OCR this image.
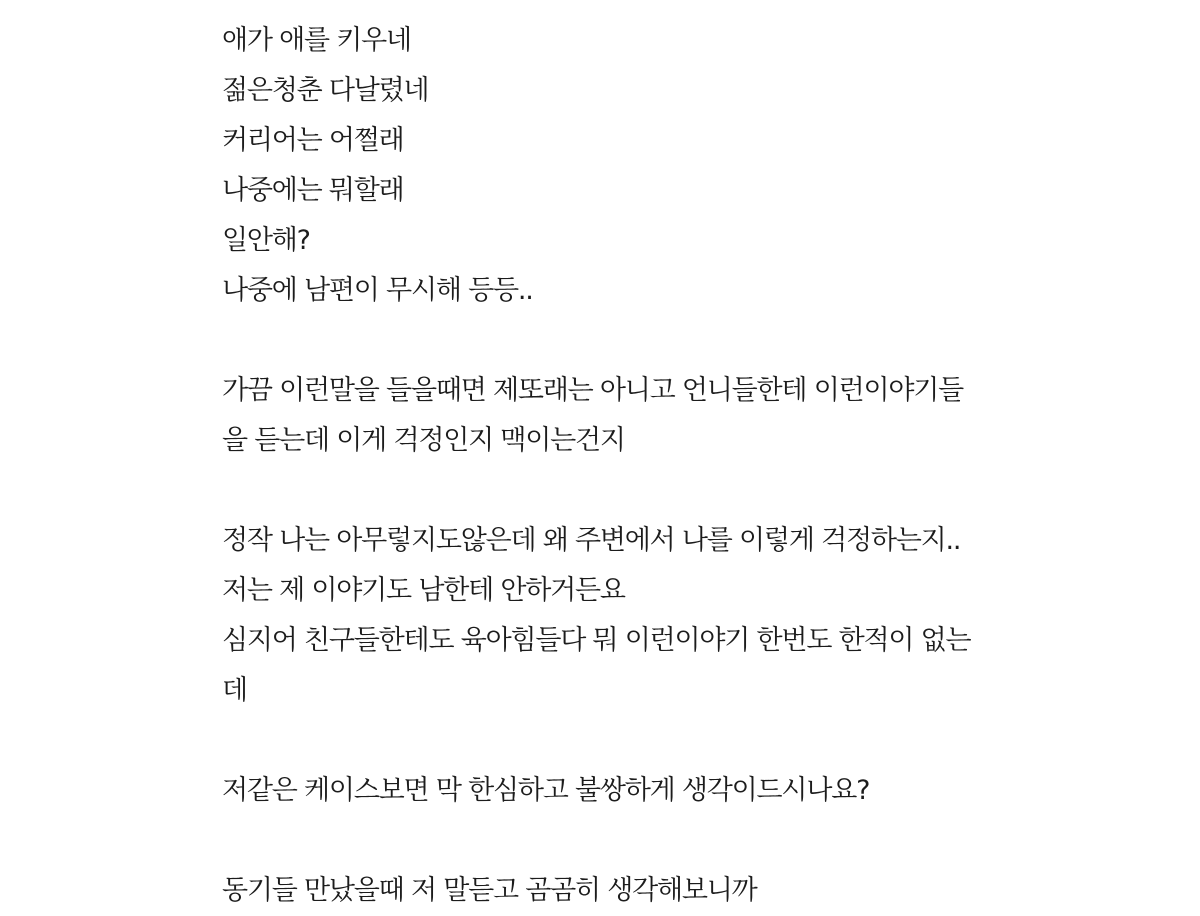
애가 애를 키우네
젊은청춘 다날렸네
커리어는 어쩔래
나중에는 뭐할래
일안해?
나중에 남편이 무시해 등등..
가끔 이런말을 들을때면 제또래는 아니고 언니들한테 이런이야기들
을 듣는데 이게 걱정인지 맥이는건지
정작 나는 아무렇지도않은데 왜 주변에서 나를 이렇게 걱정하는지..
저는 제 이야기도 남한테 안하거든요
심지어 친구들한테도 육아힘들다 뭐 이런이야기 한번도 한적이 없는
데
저같은 케이스보면 막 한심하고 불쌍하게 생각이드시나요?
동기들 만났을때 저 말듣고 곰곰히 생각해보니까
